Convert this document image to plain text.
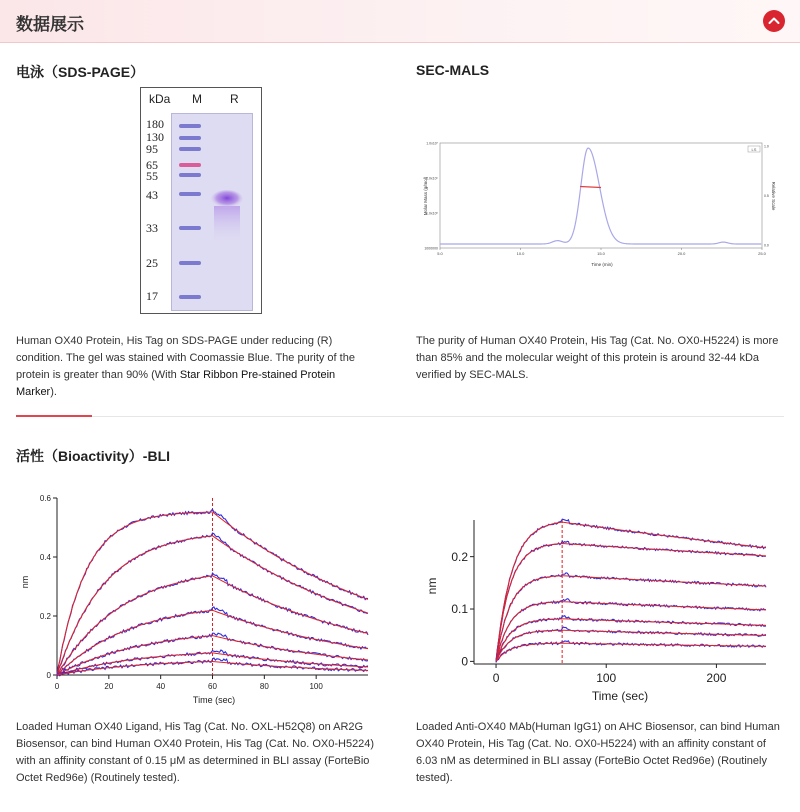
数据展示
电泳（SDS-PAGE）
kDa M R
180
130
95
65
55
43
33
25
17
Human OX40 Protein, His Tag on SDS-PAGE under reducing (R) condition. The gel was stained with Coomassie Blue. The purity of the protein is greater than 90% (With Star Ribbon Pre-stained Protein Marker).
SEC-MALS
5.0	10.0	15.0	20.0	25.0
1000000
1.0x10⁵
1.0x10⁶
1.0x10⁷
0.0
0.5
1.0
LS
Time (min)
Molar Mass (g/mol)	Relative Scale
The purity of Human OX40 Protein, His Tag (Cat. No. OX0-H5224) is more than 85% and the molecular weight of this protein is around 32-44 kDa verified by SEC-MALS.
活性（Bioactivity）-BLI
0	20	40	60	80	100
0
0.2
0.4
0.6
Time (sec)
nm
0	100	200
0
0.1
0.2
Time (sec)
nm
Loaded Human OX40 Ligand, His Tag (Cat. No. OXL-H52Q8) on AR2G Biosensor, can bind Human OX40 Protein, His Tag (Cat. No. OX0-H5224) with an affinity constant of 0.15 μM as determined in BLI assay (ForteBio Octet Red96e) (Routinely tested).
Loaded Anti-OX40 MAb(Human IgG1) on AHC Biosensor, can bind Human OX40 Protein, His Tag (Cat. No. OX0-H5224) with an affinity constant of 6.03 nM as determined in BLI assay (ForteBio Octet Red96e) (Routinely tested).
